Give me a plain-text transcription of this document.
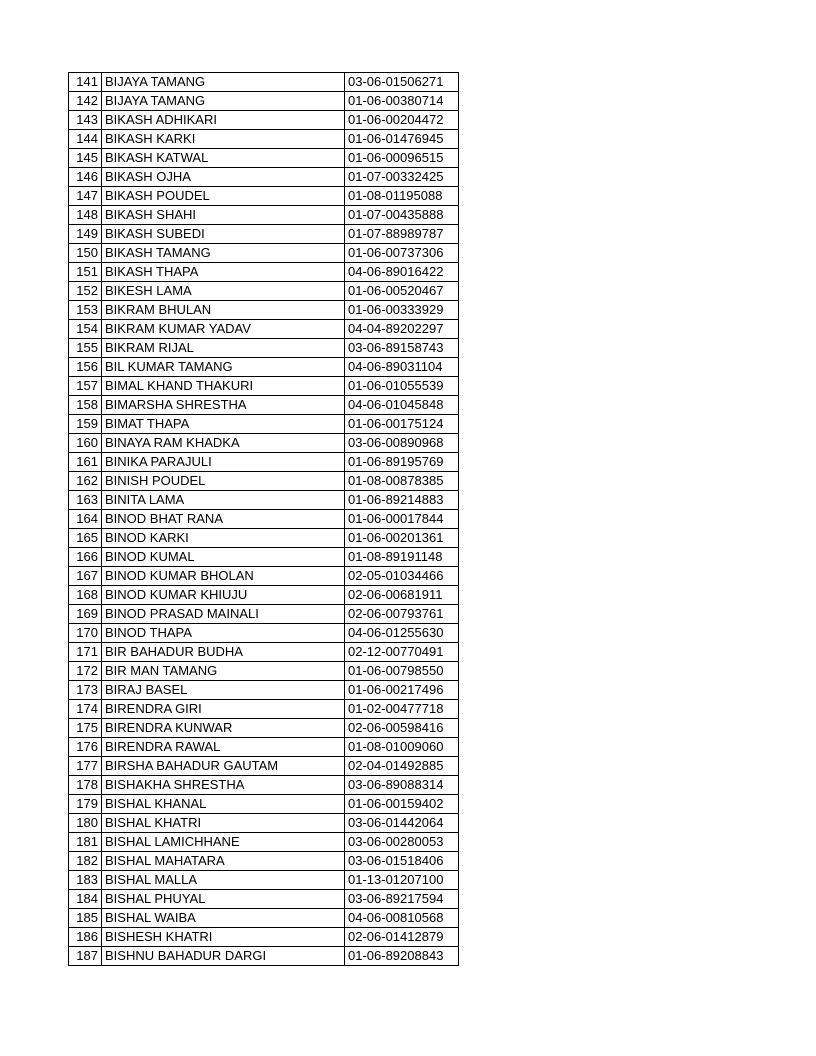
141	BIJAYA TAMANG	03-06-01506271
142	BIJAYA TAMANG	01-06-00380714
143	BIKASH ADHIKARI	01-06-00204472
144	BIKASH KARKI	01-06-01476945
145	BIKASH KATWAL	01-06-00096515
146	BIKASH OJHA	01-07-00332425
147	BIKASH POUDEL	01-08-01195088
148	BIKASH SHAHI	01-07-00435888
149	BIKASH SUBEDI	01-07-88989787
150	BIKASH TAMANG	01-06-00737306
151	BIKASH THAPA	04-06-89016422
152	BIKESH LAMA	01-06-00520467
153	BIKRAM BHULAN	01-06-00333929
154	BIKRAM KUMAR YADAV	04-04-89202297
155	BIKRAM RIJAL	03-06-89158743
156	BIL KUMAR TAMANG	04-06-89031104
157	BIMAL KHAND THAKURI	01-06-01055539
158	BIMARSHA SHRESTHA	04-06-01045848
159	BIMAT THAPA	01-06-00175124
160	BINAYA RAM KHADKA	03-06-00890968
161	BINIKA PARAJULI	01-06-89195769
162	BINISH POUDEL	01-08-00878385
163	BINITA LAMA	01-06-89214883
164	BINOD BHAT RANA	01-06-00017844
165	BINOD KARKI	01-06-00201361
166	BINOD KUMAL	01-08-89191148
167	BINOD KUMAR BHOLAN	02-05-01034466
168	BINOD KUMAR KHIUJU	02-06-00681911
169	BINOD PRASAD MAINALI	02-06-00793761
170	BINOD THAPA	04-06-01255630
171	BIR BAHADUR BUDHA	02-12-00770491
172	BIR MAN TAMANG	01-06-00798550
173	BIRAJ BASEL	01-06-00217496
174	BIRENDRA GIRI	01-02-00477718
175	BIRENDRA KUNWAR	02-06-00598416
176	BIRENDRA RAWAL	01-08-01009060
177	BIRSHA BAHADUR GAUTAM	02-04-01492885
178	BISHAKHA SHRESTHA	03-06-89088314
179	BISHAL KHANAL	01-06-00159402
180	BISHAL KHATRI	03-06-01442064
181	BISHAL LAMICHHANE	03-06-00280053
182	BISHAL MAHATARA	03-06-01518406
183	BISHAL MALLA	01-13-01207100
184	BISHAL PHUYAL	03-06-89217594
185	BISHAL WAIBA	04-06-00810568
186	BISHESH KHATRI	02-06-01412879
187	BISHNU BAHADUR DARGI	01-06-89208843
